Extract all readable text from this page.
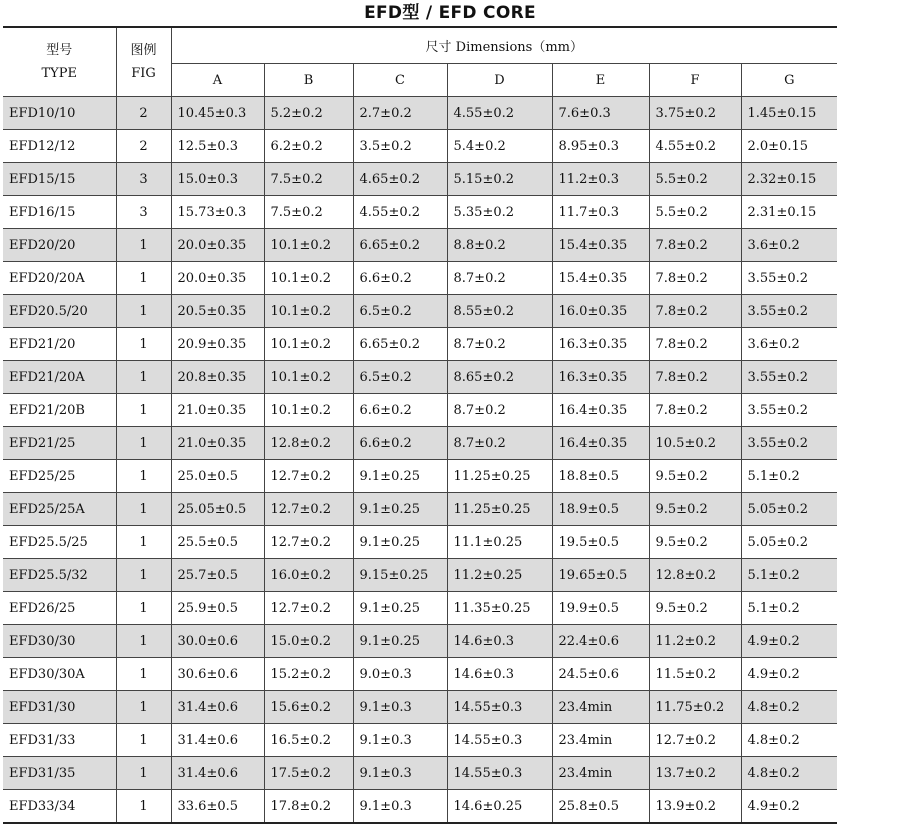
EFD型 / EFD CORE
型号
TYPE	图例
FIG	尺寸 Dimensions（mm）						
		A	B	C	D	E	F	G
EFD10/10	2	10.45±0.3	5.2±0.2	2.7±0.2	4.55±0.2	7.6±0.3	3.75±0.2	1.45±0.15
EFD12/12	2	12.5±0.3	6.2±0.2	3.5±0.2	5.4±0.2	8.95±0.3	4.55±0.2	2.0±0.15
EFD15/15	3	15.0±0.3	7.5±0.2	4.65±0.2	5.15±0.2	11.2±0.3	5.5±0.2	2.32±0.15
EFD16/15	3	15.73±0.3	7.5±0.2	4.55±0.2	5.35±0.2	11.7±0.3	5.5±0.2	2.31±0.15
EFD20/20	1	20.0±0.35	10.1±0.2	6.65±0.2	8.8±0.2	15.4±0.35	7.8±0.2	3.6±0.2
EFD20/20A	1	20.0±0.35	10.1±0.2	6.6±0.2	8.7±0.2	15.4±0.35	7.8±0.2	3.55±0.2
EFD20.5/20	1	20.5±0.35	10.1±0.2	6.5±0.2	8.55±0.2	16.0±0.35	7.8±0.2	3.55±0.2
EFD21/20	1	20.9±0.35	10.1±0.2	6.65±0.2	8.7±0.2	16.3±0.35	7.8±0.2	3.6±0.2
EFD21/20A	1	20.8±0.35	10.1±0.2	6.5±0.2	8.65±0.2	16.3±0.35	7.8±0.2	3.55±0.2
EFD21/20B	1	21.0±0.35	10.1±0.2	6.6±0.2	8.7±0.2	16.4±0.35	7.8±0.2	3.55±0.2
EFD21/25	1	21.0±0.35	12.8±0.2	6.6±0.2	8.7±0.2	16.4±0.35	10.5±0.2	3.55±0.2
EFD25/25	1	25.0±0.5	12.7±0.2	9.1±0.25	11.25±0.25	18.8±0.5	9.5±0.2	5.1±0.2
EFD25/25A	1	25.05±0.5	12.7±0.2	9.1±0.25	11.25±0.25	18.9±0.5	9.5±0.2	5.05±0.2
EFD25.5/25	1	25.5±0.5	12.7±0.2	9.1±0.25	11.1±0.25	19.5±0.5	9.5±0.2	5.05±0.2
EFD25.5/32	1	25.7±0.5	16.0±0.2	9.15±0.25	11.2±0.25	19.65±0.5	12.8±0.2	5.1±0.2
EFD26/25	1	25.9±0.5	12.7±0.2	9.1±0.25	11.35±0.25	19.9±0.5	9.5±0.2	5.1±0.2
EFD30/30	1	30.0±0.6	15.0±0.2	9.1±0.25	14.6±0.3	22.4±0.6	11.2±0.2	4.9±0.2
EFD30/30A	1	30.6±0.6	15.2±0.2	9.0±0.3	14.6±0.3	24.5±0.6	11.5±0.2	4.9±0.2
EFD31/30	1	31.4±0.6	15.6±0.2	9.1±0.3	14.55±0.3	23.4min	11.75±0.2	4.8±0.2
EFD31/33	1	31.4±0.6	16.5±0.2	9.1±0.3	14.55±0.3	23.4min	12.7±0.2	4.8±0.2
EFD31/35	1	31.4±0.6	17.5±0.2	9.1±0.3	14.55±0.3	23.4min	13.7±0.2	4.8±0.2
EFD33/34	1	33.6±0.5	17.8±0.2	9.1±0.3	14.6±0.25	25.8±0.5	13.9±0.2	4.9±0.2
